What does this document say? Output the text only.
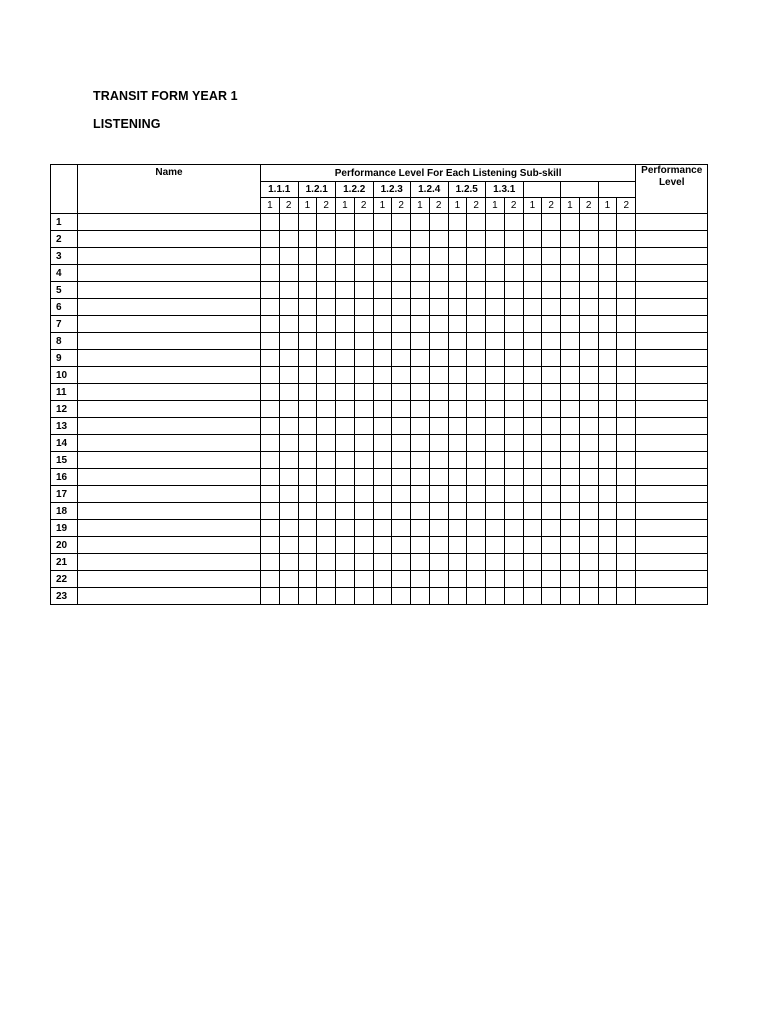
TRANSIT FORM YEAR 1
LISTENING
	Name	Performance Level For Each Listening Sub-skill																				Performance Level
		1.1.1		1.2.1		1.2.2		1.2.3		1.2.4		1.2.5		1.3.1								
		1	2	1	2	1	2	1	2	1	2	1	2	1	2	1	2	1	2	1	2	
1																						
2																						
3																						
4																						
5																						
6																						
7																						
8																						
9																						
10																						
11																						
12																						
13																						
14																						
15																						
16																						
17																						
18																						
19																						
20																						
21																						
22																						
23																						
